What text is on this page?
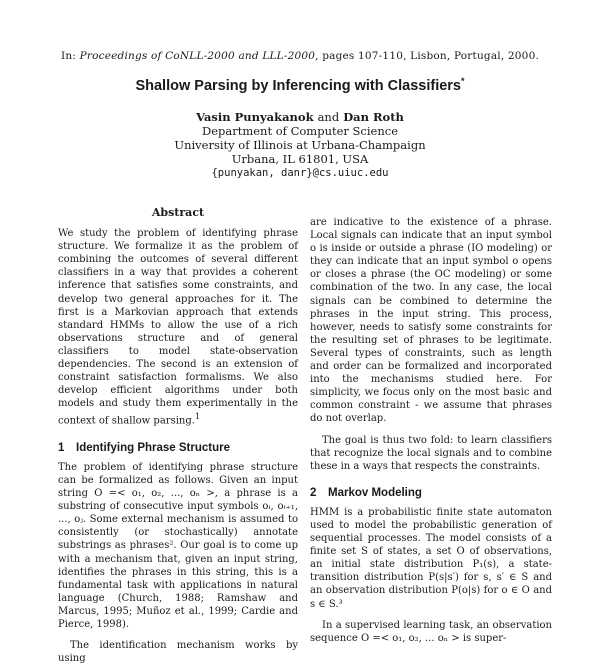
In: Proceedings of CoNLL-2000 and LLL-2000, pages 107-110, Lisbon, Portugal, 2000.
Shallow Parsing by Inferencing with Classifiers*
Vasin Punyakanok and Dan Roth
Department of Computer Science
University of Illinois at Urbana-Champaign
Urbana, IL 61801, USA
{punyakan, danr}@cs.uiuc.edu
Abstract

We study the problem of identifying phrase structure. We formalize it as the problem of combining the outcomes of several different classifiers in a way that provides a coherent inference that satisfies some constraints, and develop two general approaches for it. The first is a Markovian approach that extends standard HMMs to allow the use of a rich observations structure and of general classifiers to model state-observation dependencies. The second is an extension of constraint satisfaction formalisms. We also develop efficient algorithms under both models and study them experimentally in the context of shallow parsing.$^1$

1 Identifying Phrase Structure

The problem of identifying phrase structure can be formalized as follows. Given an input string O =< o₁, o₂, ..., oₙ >, a phrase is a substring of consecutive input symbols oᵢ, oᵢ₊₁, ..., oⱼ. Some external mechanism is assumed to consistently (or stochastically) annotate substrings as phrases². Our goal is to come up with a mechanism that, given an input string, identifies the phrases in this string, this is a fundamental task with applications in natural language (Church, 1988; Ramshaw and Marcus, 1995; Muñoz et al., 1999; Cardie and Pierce, 1998).

The identification mechanism works by using

are indicative to the existence of a phrase. Local signals can indicate that an input symbol o is inside or outside a phrase (IO modeling) or they can indicate that an input symbol o opens or closes a phrase (the OC modeling) or some combination of the two. In any case, the local signals can be combined to determine the phrases in the input string. This process, however, needs to satisfy some constraints for the resulting set of phrases to be legitimate. Several types of constraints, such as length and order can be formalized and incorporated into the mechanisms studied here. For simplicity, we focus only on the most basic and common constraint - we assume that phrases do not overlap.

The goal is thus two fold: to learn classifiers that recognize the local signals and to combine these in a ways that respects the constraints.

2 Markov Modeling

HMM is a probabilistic finite state automaton used to model the probabilistic generation of sequential processes. The model consists of a finite set S of states, a set O of observations, an initial state distribution P₁(s), a state-transition distribution P(s|s′) for s, s′ ∈ S and an observation distribution P(o|s) for o ∈ O and s ∈ S.³

In a supervised learning task, an observation sequence O =< o₁, o₂, ... oₙ > is super-
